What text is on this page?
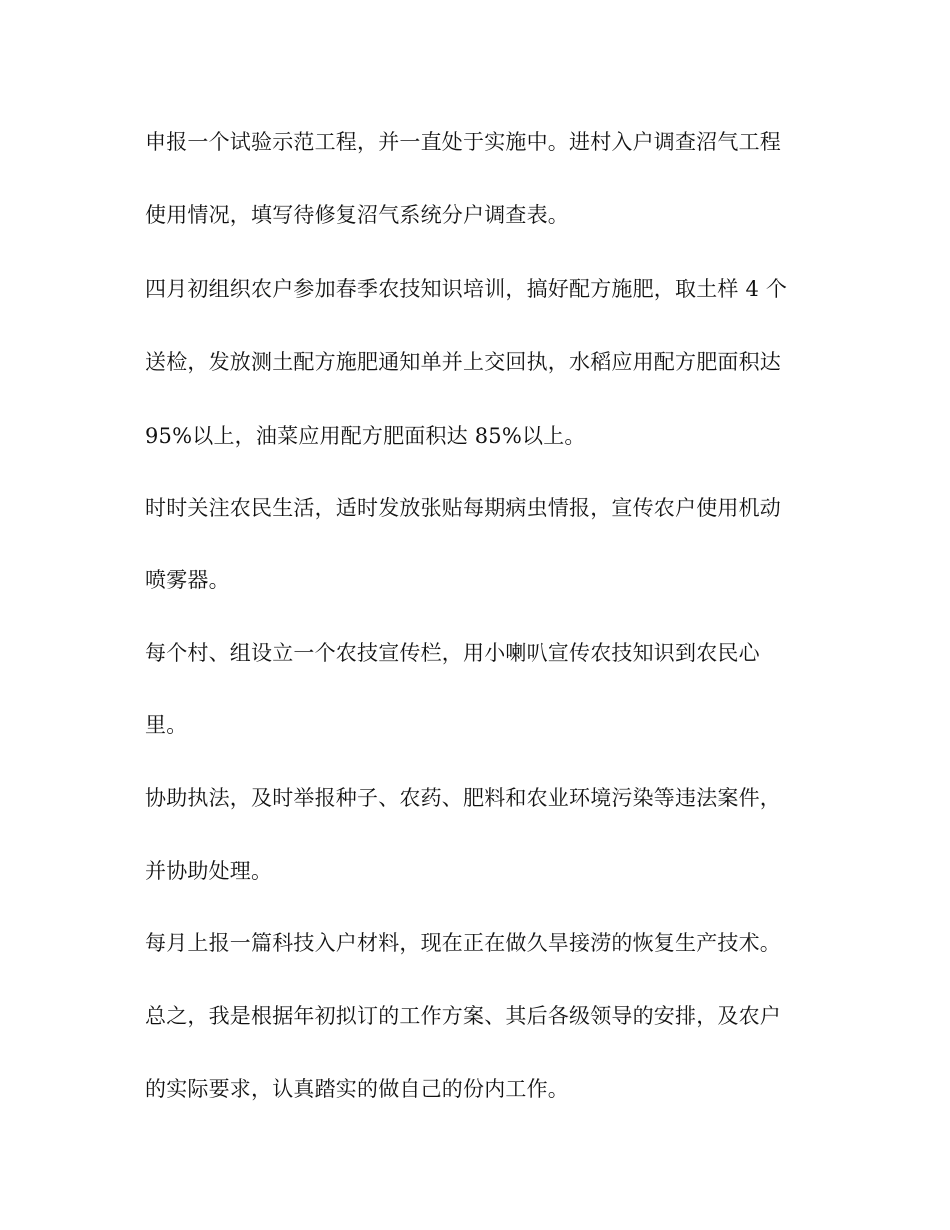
申报一个试验示范工程，并一直处于实施中。进村入户调查沼气工程

使用情况，填写待修复沼气系统分户调查表。

四月初组织农户参加春季农技知识培训，搞好配方施肥，取土样 4 个

送检，发放测土配方施肥通知单并上交回执，水稻应用配方肥面积达

95%以上，油菜应用配方肥面积达 85%以上。

时时关注农民生活，适时发放张贴每期病虫情报，宣传农户使用机动

喷雾器。

每个村、组设立一个农技宣传栏，用小喇叭宣传农技知识到农民心

里。

协助执法，及时举报种子、农药、肥料和农业环境污染等违法案件，

并协助处理。

每月上报一篇科技入户材料，现在正在做久旱接涝的恢复生产技术。

总之，我是根据年初拟订的工作方案、其后各级领导的安排，及农户

的实际要求，认真踏实的做自己的份内工作。
